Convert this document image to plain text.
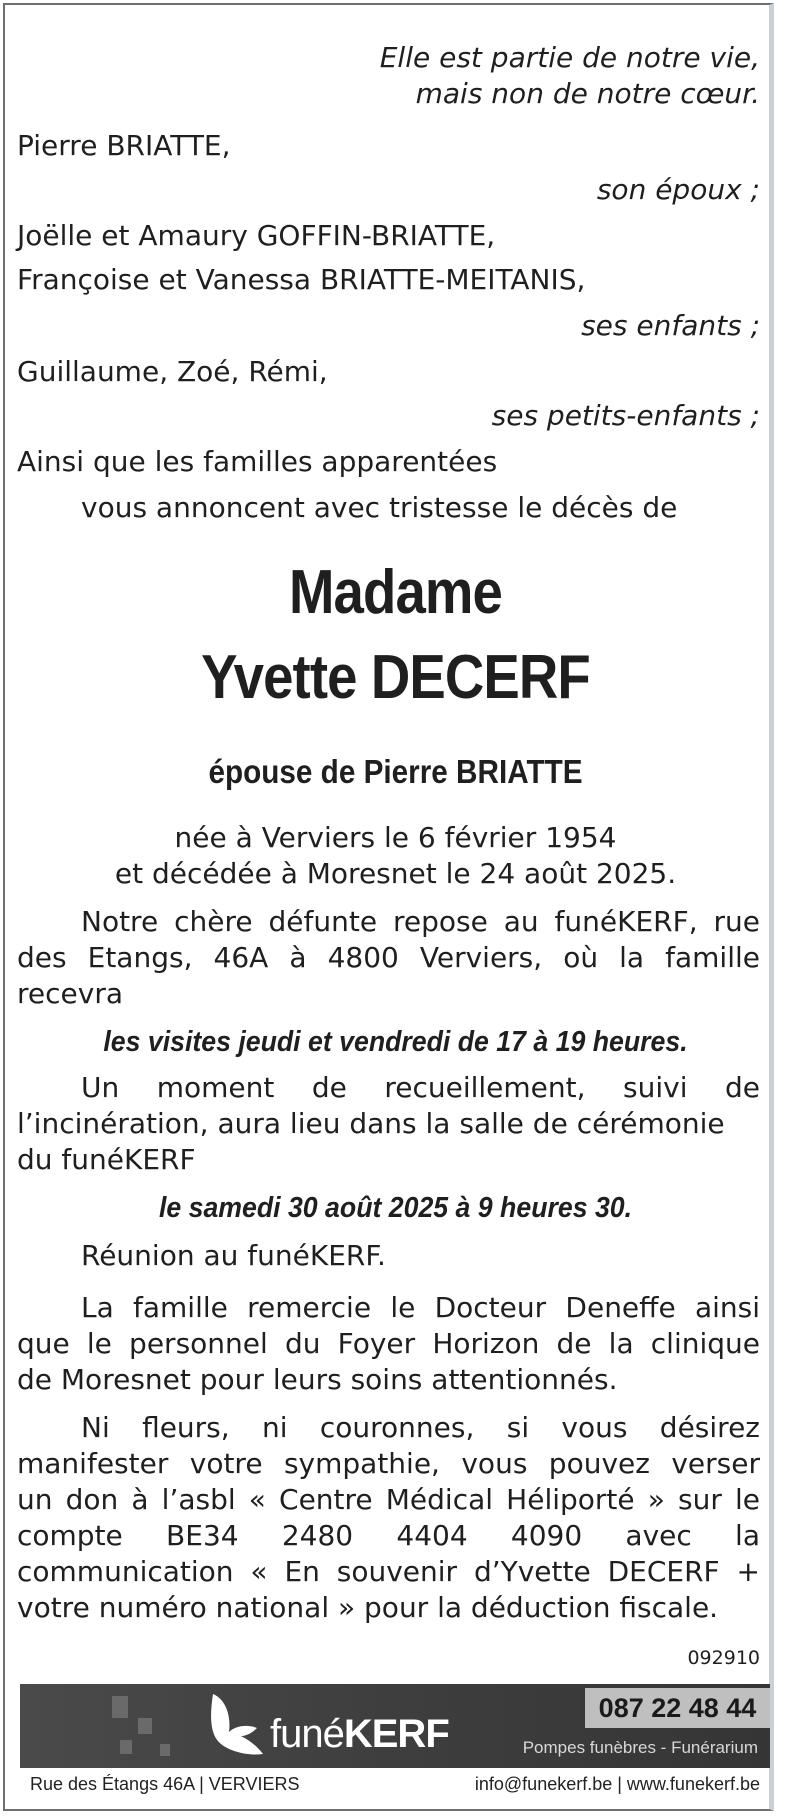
Elle est partie de notre vie,
mais non de notre cœur.
Pierre BRIATTE,
son époux ;
Joëlle et Amaury GOFFIN-BRIATTE,
Françoise et Vanessa BRIATTE-MEITANIS,
ses enfants ;
Guillaume, Zoé, Rémi,
ses petits-enfants ;
Ainsi que les familles apparentées
vous annoncent avec tristesse le décès de
Madame
Yvette DECERF
épouse de Pierre BRIATTE
née à Verviers le 6 février 1954
et décédée à Moresnet le 24 août 2025.
Notre chère défunte repose au funéKERF, rue
des Etangs, 46A à 4800 Verviers, où la famille
recevra
les visites jeudi et vendredi de 17 à 19 heures.
Un moment de recueillement, suivi de
l’incinération, aura lieu dans la salle de cérémonie
du funéKERF
le samedi 30 août 2025 à 9 heures 30.
Réunion au funéKERF.
La famille remercie le Docteur Deneffe ainsi
que le personnel du Foyer Horizon de la clinique
de Moresnet pour leurs soins attentionnés.
Ni fleurs, ni couronnes, si vous désirez
manifester votre sympathie, vous pouvez verser
un don à l’asbl « Centre Médical Héliporté » sur le
compte BE34 2480 4404 4090 avec la
communication « En souvenir d’Yvette DECERF +
votre numéro national » pour la déduction fiscale.
092910
funéKERF
087 22 48 44
Pompes funèbres - Funérarium
Rue des Étangs 46A | VERVIERS	info@funekerf.be | www.funekerf.be
